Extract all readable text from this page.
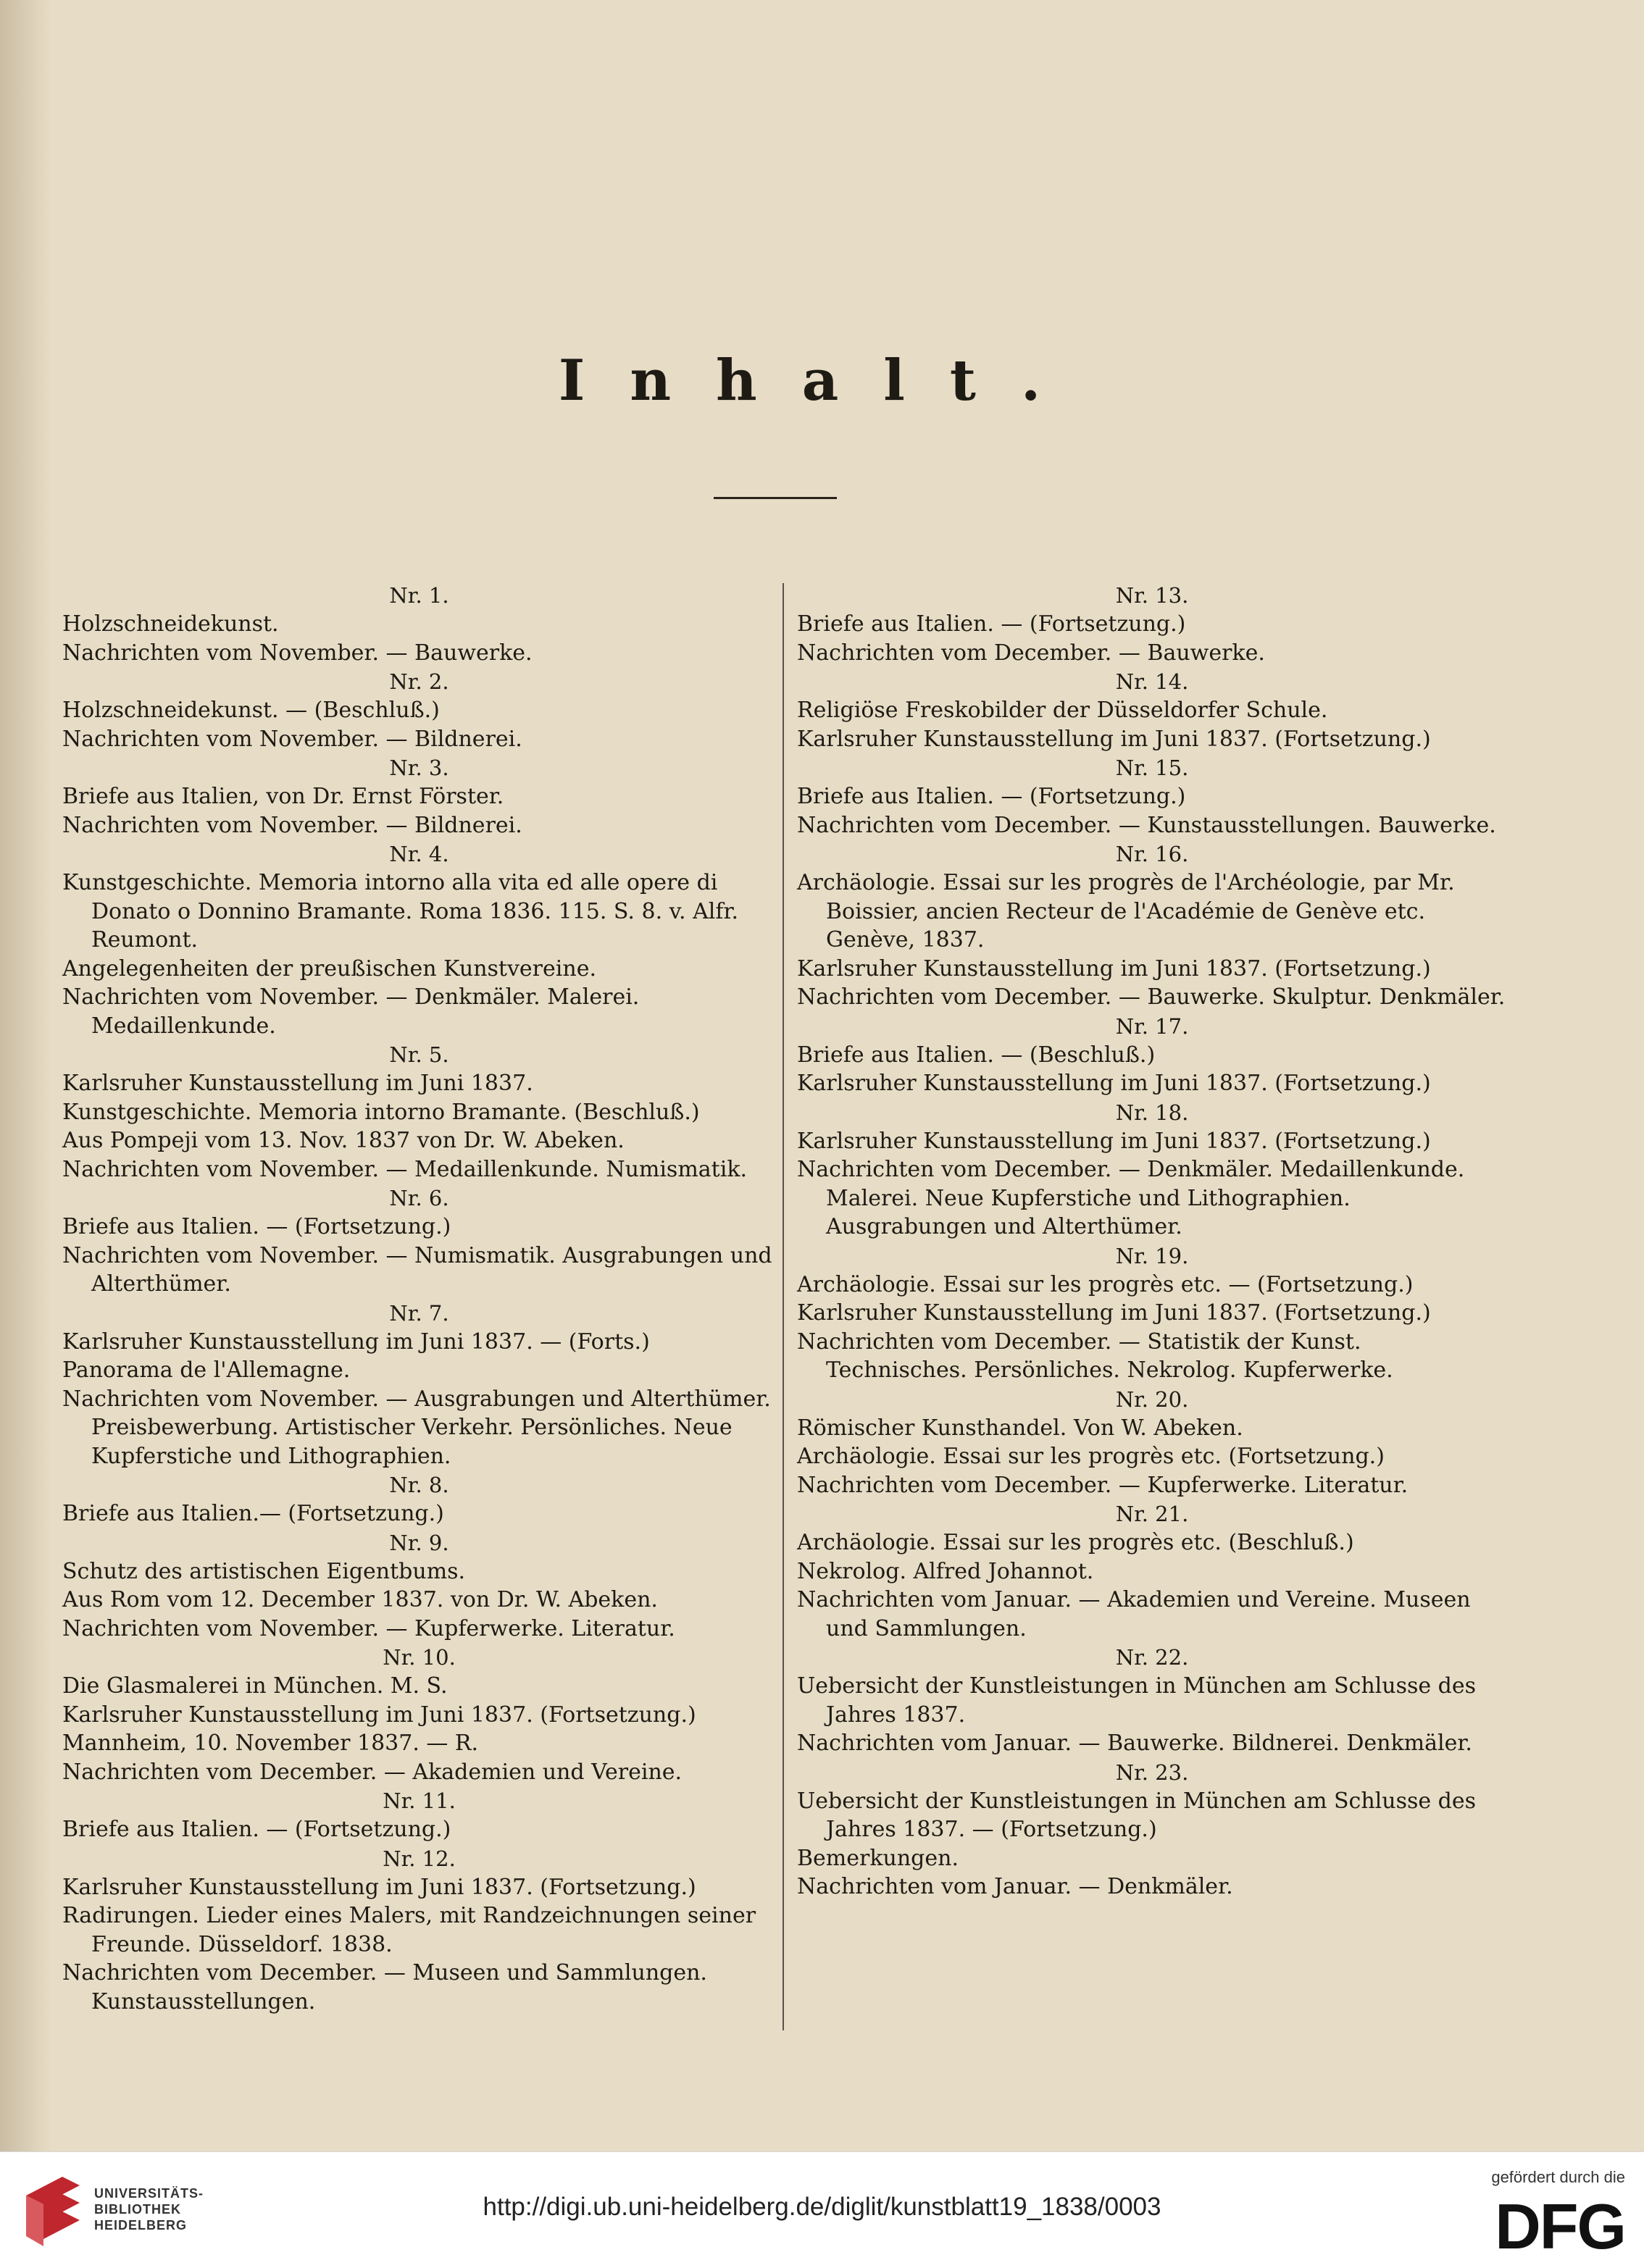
Inhalt.
Nr. 1.
Holzschneidekunst.
Nachrichten vom November. — Bauwerke.
Nr. 2.
Holzschneidekunst. — (Beschluß.)
Nachrichten vom November. — Bildnerei.
Nr. 3.
Briefe aus Italien, von Dr. Ernst Förster.
Nachrichten vom November. — Bildnerei.
Nr. 4.
Kunstgeschichte. Memoria intorno alla vita ed alle opere di Donato o Donnino Bramante. Roma 1836. 115. S. 8. v. Alfr. Reumont.
Angelegenheiten der preußischen Kunstvereine.
Nachrichten vom November. — Denkmäler. Malerei. Medaillenkunde.
Nr. 5.
Karlsruher Kunstausstellung im Juni 1837.
Kunstgeschichte. Memoria intorno Bramante. (Beschluß.)
Aus Pompeji vom 13. Nov. 1837 von Dr. W. Abeken.
Nachrichten vom November. — Medaillenkunde. Numismatik.
Nr. 6.
Briefe aus Italien. — (Fortsetzung.)
Nachrichten vom November. — Numismatik. Ausgrabungen und Alterthümer.
Nr. 7.
Karlsruher Kunstausstellung im Juni 1837. — (Forts.)
Panorama de l'Allemagne.
Nachrichten vom November. — Ausgrabungen und Alterthümer. Preisbewerbung. Artistischer Verkehr. Persönliches. Neue Kupferstiche und Lithographien.
Nr. 8.
Briefe aus Italien.— (Fortsetzung.)
Nr. 9.
Schutz des artistischen Eigentbums.
Aus Rom vom 12. December 1837. von Dr. W. Abeken.
Nachrichten vom November. — Kupferwerke. Literatur.
Nr. 10.
Die Glasmalerei in München. M. S.
Karlsruher Kunstausstellung im Juni 1837. (Fortsetzung.)
Mannheim, 10. November 1837. — R.
Nachrichten vom December. — Akademien und Vereine.
Nr. 11.
Briefe aus Italien. — (Fortsetzung.)
Nr. 12.
Karlsruher Kunstausstellung im Juni 1837. (Fortsetzung.)
Radirungen. Lieder eines Malers, mit Randzeichnungen seiner Freunde. Düsseldorf. 1838.
Nachrichten vom December. — Museen und Sammlungen. Kunstausstellungen.
Nr. 13.
Briefe aus Italien. — (Fortsetzung.)
Nachrichten vom December. — Bauwerke.
Nr. 14.
Religiöse Freskobilder der Düsseldorfer Schule.
Karlsruher Kunstausstellung im Juni 1837. (Fortsetzung.)
Nr. 15.
Briefe aus Italien. — (Fortsetzung.)
Nachrichten vom December. — Kunstausstellungen. Bauwerke.
Nr. 16.
Archäologie. Essai sur les progrès de l'Archéologie, par Mr. Boissier, ancien Recteur de l'Académie de Genève etc. Genève, 1837.
Karlsruher Kunstausstellung im Juni 1837. (Fortsetzung.)
Nachrichten vom December. — Bauwerke. Skulptur. Denkmäler.
Nr. 17.
Briefe aus Italien. — (Beschluß.)
Karlsruher Kunstausstellung im Juni 1837. (Fortsetzung.)
Nr. 18.
Karlsruher Kunstausstellung im Juni 1837. (Fortsetzung.)
Nachrichten vom December. — Denkmäler. Medaillenkunde. Malerei. Neue Kupferstiche und Lithographien. Ausgrabungen und Alterthümer.
Nr. 19.
Archäologie. Essai sur les progrès etc. — (Fortsetzung.)
Karlsruher Kunstausstellung im Juni 1837. (Fortsetzung.)
Nachrichten vom December. — Statistik der Kunst. Technisches. Persönliches. Nekrolog. Kupferwerke.
Nr. 20.
Römischer Kunsthandel. Von W. Abeken.
Archäologie. Essai sur les progrès etc. (Fortsetzung.)
Nachrichten vom December. — Kupferwerke. Literatur.
Nr. 21.
Archäologie. Essai sur les progrès etc. (Beschluß.)
Nekrolog. Alfred Johannot.
Nachrichten vom Januar. — Akademien und Vereine. Museen und Sammlungen.
Nr. 22.
Uebersicht der Kunstleistungen in München am Schlusse des Jahres 1837.
Nachrichten vom Januar. — Bauwerke. Bildnerei. Denkmäler.
Nr. 23.
Uebersicht der Kunstleistungen in München am Schlusse des Jahres 1837. — (Fortsetzung.)
Bemerkungen.
Nachrichten vom Januar. — Denkmäler.
UNIVERSITÄTS-
BIBLIOTHEK
HEIDELBERG
http://digi.ub.uni-heidelberg.de/diglit/kunstblatt19_1838/0003
gefördert durch die
DFG
